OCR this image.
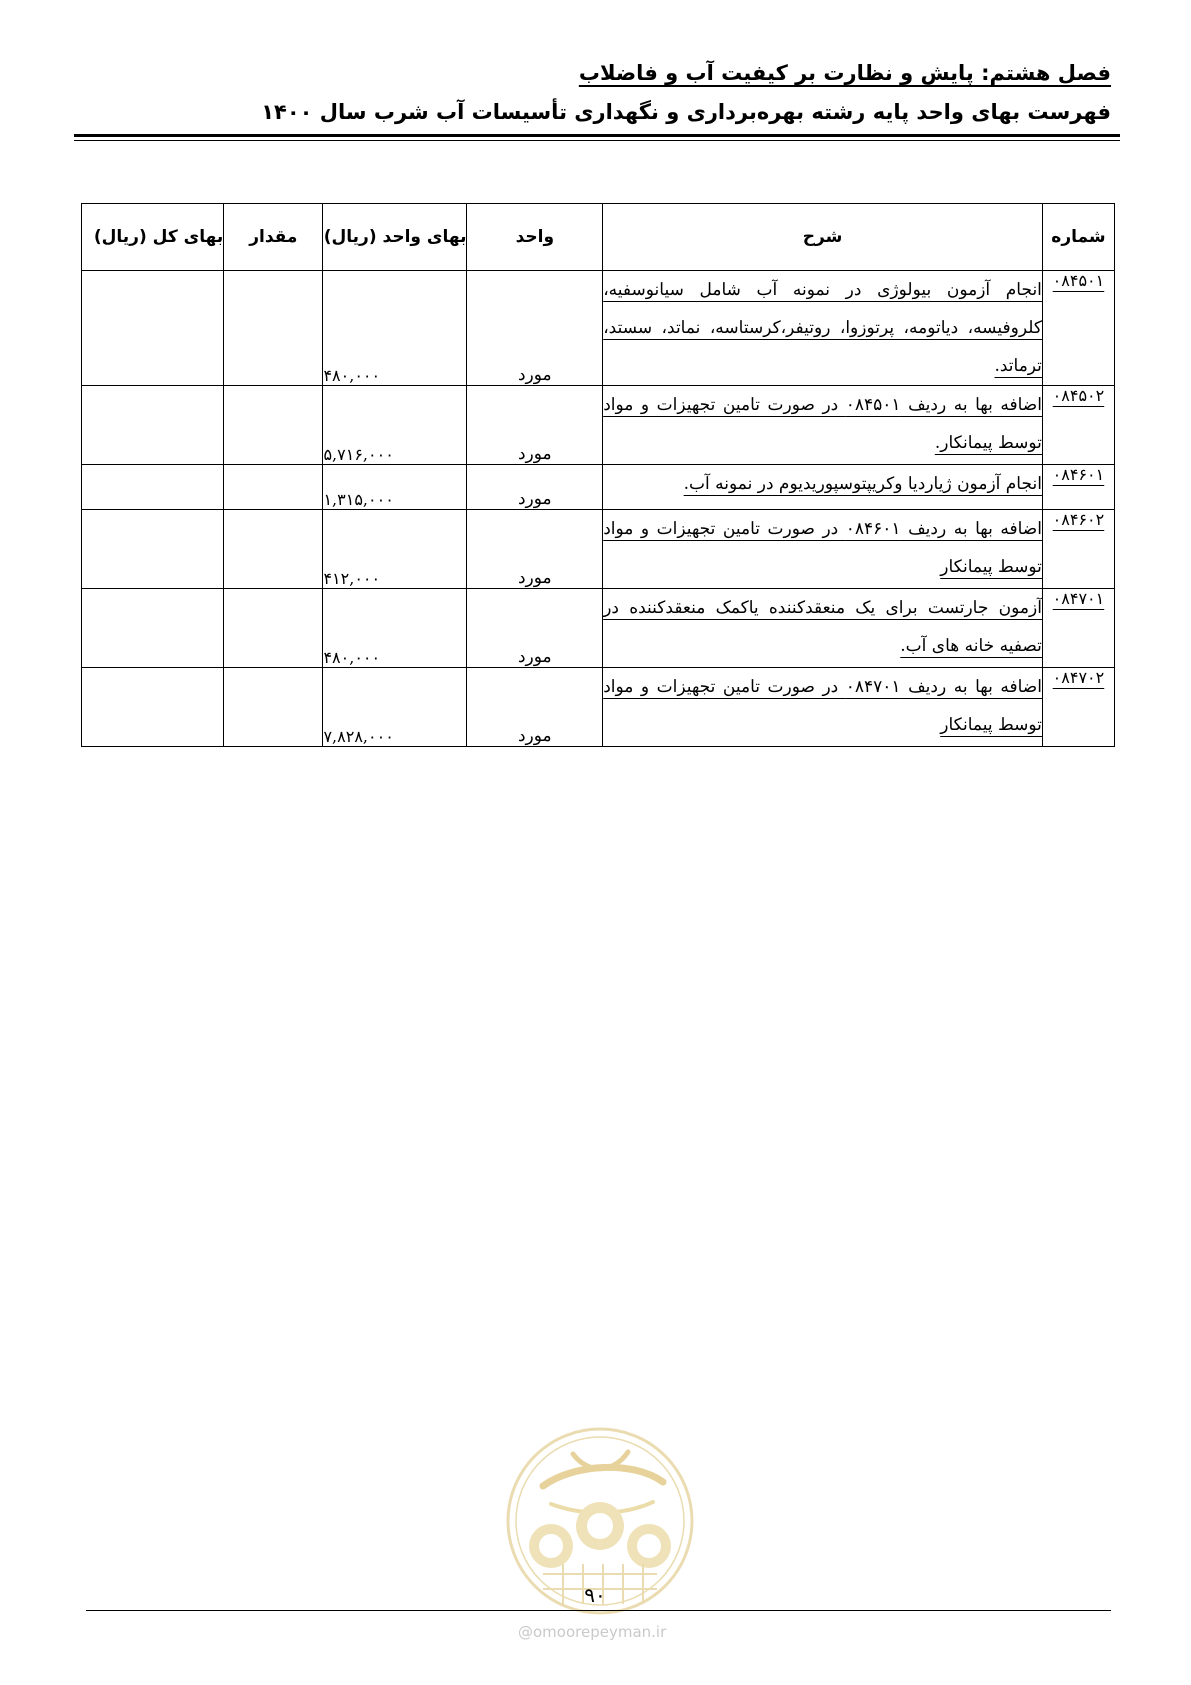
فصل هشتم: پایش و نظارت بر کیفیت آب و فاضلاب
فهرست بهای واحد پایه رشته بهره‌برداری و نگهداری تأسیسات آب شرب سال ۱۴۰۰
شماره	شرح	واحد	بهای واحد (ریال)	مقدار	بهای کل (ریال)
۰۸۴۵۰۱	انجام آزمون بیولوژی در نمونه آب شامل سیانوسفیه، کلروفیسه، دیاتومه، پرتوزوا، روتیفر،کرستاسه، نماتد، سستد، ترماتد.	مورد	۴۸۰,۰۰۰		
۰۸۴۵۰۲	اضافه بها به ردیف ۰۸۴۵۰۱ در صورت تامین تجهیزات و مواد توسط پیمانکار.	مورد	۵,۷۱۶,۰۰۰		
۰۸۴۶۰۱	انجام آزمون ژیاردیا وکریپتوسپوریدیوم در نمونه آب.	مورد	۱,۳۱۵,۰۰۰		
۰۸۴۶۰۲	اضافه بها به ردیف ۰۸۴۶۰۱ در صورت تامین تجهیزات و مواد توسط پیمانکار	مورد	۴۱۲,۰۰۰		
۰۸۴۷۰۱	آزمون جارتست برای یک منعقدکننده یاکمک منعقدکننده در تصفیه خانه های آب.	مورد	۴۸۰,۰۰۰		
۰۸۴۷۰۲	اضافه بها به ردیف ۰۸۴۷۰۱ در صورت تامین تجهیزات و مواد توسط پیمانکار	مورد	۷,۸۲۸,۰۰۰		
۹۰
@omoorepeyman.ir
